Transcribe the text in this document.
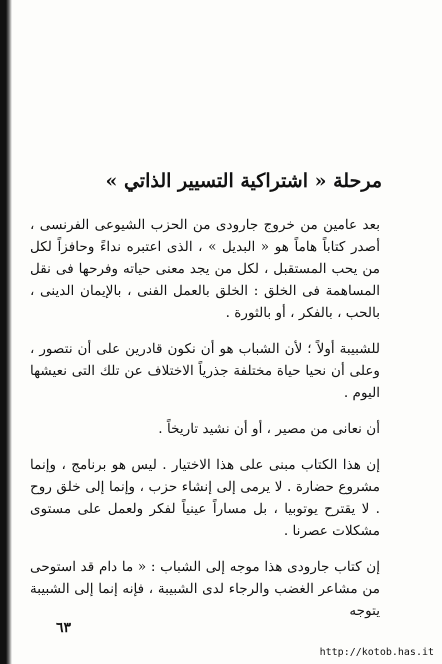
مرحلة « اشتراكية التسيير الذاتي »

بعد عامين من خروج جارودى من الحزب الشيوعى الفرنسى ، أصدر كتاباً هاماً هو « البديل » ، الذى اعتبره نداءً وحافزاً لكل من يحب المستقبل ، لكل من يجد معنى حياته وفرحها فى نقل المساهمة فى الخلق : الخلق بالعمل الفنى ، بالإيمان الدينى ، بالحب ، بالفكر ، أو بالثورة .

للشبيبة أولاً ؛ لأن الشباب هو أن نكون قادرين على أن نتصور ، وعلى أن نحيا حياة مختلفة جذرياً الاختلاف عن تلك التى نعيشها اليوم .

أن نعانى من مصير ، أو أن نشيد تاريخاً .

إن هذا الكتاب مبنى على هذا الاختيار . ليس هو برنامج ، وإنما مشروع حضارة . لا يرمى إلى إنشاء حزب ، وإنما إلى خلق روح . لا يقترح يوتوبيا ، بل مساراً عينياً لفكر ولعمل على مستوى مشكلات عصرنا .

إن كتاب جارودى هذا موجه إلى الشباب : « ما دام قد استوحى من مشاعر الغضب والرجاء لدى الشبيبة ، فإنه إنما إلى الشبيبة يتوجه

٦٣
http://kotob.has.it
